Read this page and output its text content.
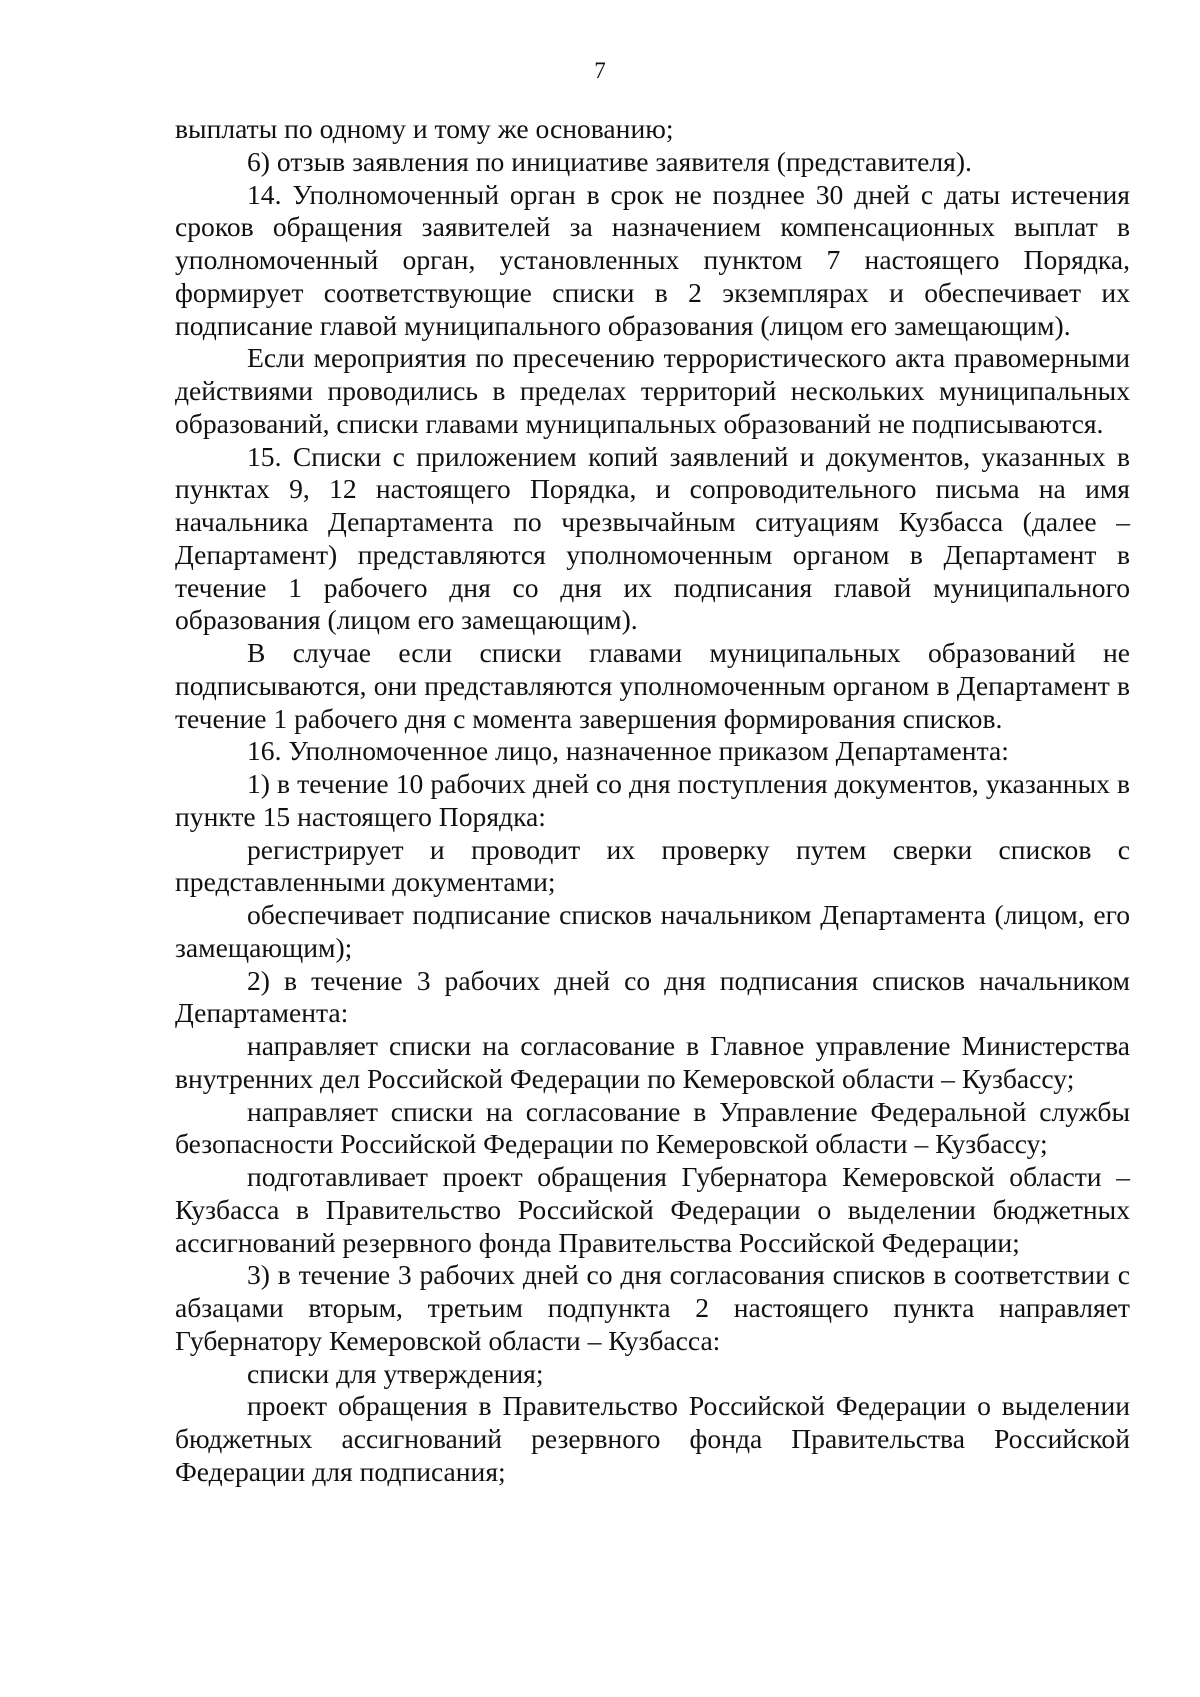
7

выплаты по одному и тому же основанию;

6) отзыв заявления по инициативе заявителя (представителя).

14. Уполномоченный орган в срок не позднее 30 дней с даты истечения сроков обращения заявителей за назначением компенсационных выплат в уполномоченный орган, установленных пунктом 7 настоящего Порядка, формирует соответствующие списки в 2 экземплярах и обеспечивает их подписание главой муниципального образования (лицом его замещающим).

Если мероприятия по пресечению террористического акта правомерными действиями проводились в пределах территорий нескольких муниципальных образований, списки главами муниципальных образований не подписываются.

15. Списки с приложением копий заявлений и документов, указанных в пунктах 9, 12 настоящего Порядка, и сопроводительного письма на имя начальника Департамента по чрезвычайным ситуациям Кузбасса (далее – Департамент) представляются уполномоченным органом в Департамент в течение 1 рабочего дня со дня их подписания главой муниципального образования (лицом его замещающим).

В случае если списки главами муниципальных образований не подписываются, они представляются уполномоченным органом в Департамент в течение 1 рабочего дня с момента завершения формирования списков.

16. Уполномоченное лицо, назначенное приказом Департамента:

1) в течение 10 рабочих дней со дня поступления документов, указанных в пункте 15 настоящего Порядка:

регистрирует и проводит их проверку путем сверки списков с представленными документами;

обеспечивает подписание списков начальником Департамента (лицом, его замещающим);

2) в течение 3 рабочих дней со дня подписания списков начальником Департамента:

направляет списки на согласование в Главное управление Министерства внутренних дел Российской Федерации по Кемеровской области – Кузбассу;

направляет списки на согласование в Управление Федеральной службы безопасности Российской Федерации по Кемеровской области – Кузбассу;

подготавливает проект обращения Губернатора Кемеровской области – Кузбасса в Правительство Российской Федерации о выделении бюджетных ассигнований резервного фонда Правительства Российской Федерации;

3) в течение 3 рабочих дней со дня согласования списков в соответствии с абзацами вторым, третьим подпункта 2 настоящего пункта направляет Губернатору Кемеровской области – Кузбасса:

списки для утверждения;

проект обращения в Правительство Российской Федерации о выделении бюджетных ассигнований резервного фонда Правительства Российской Федерации для подписания;
